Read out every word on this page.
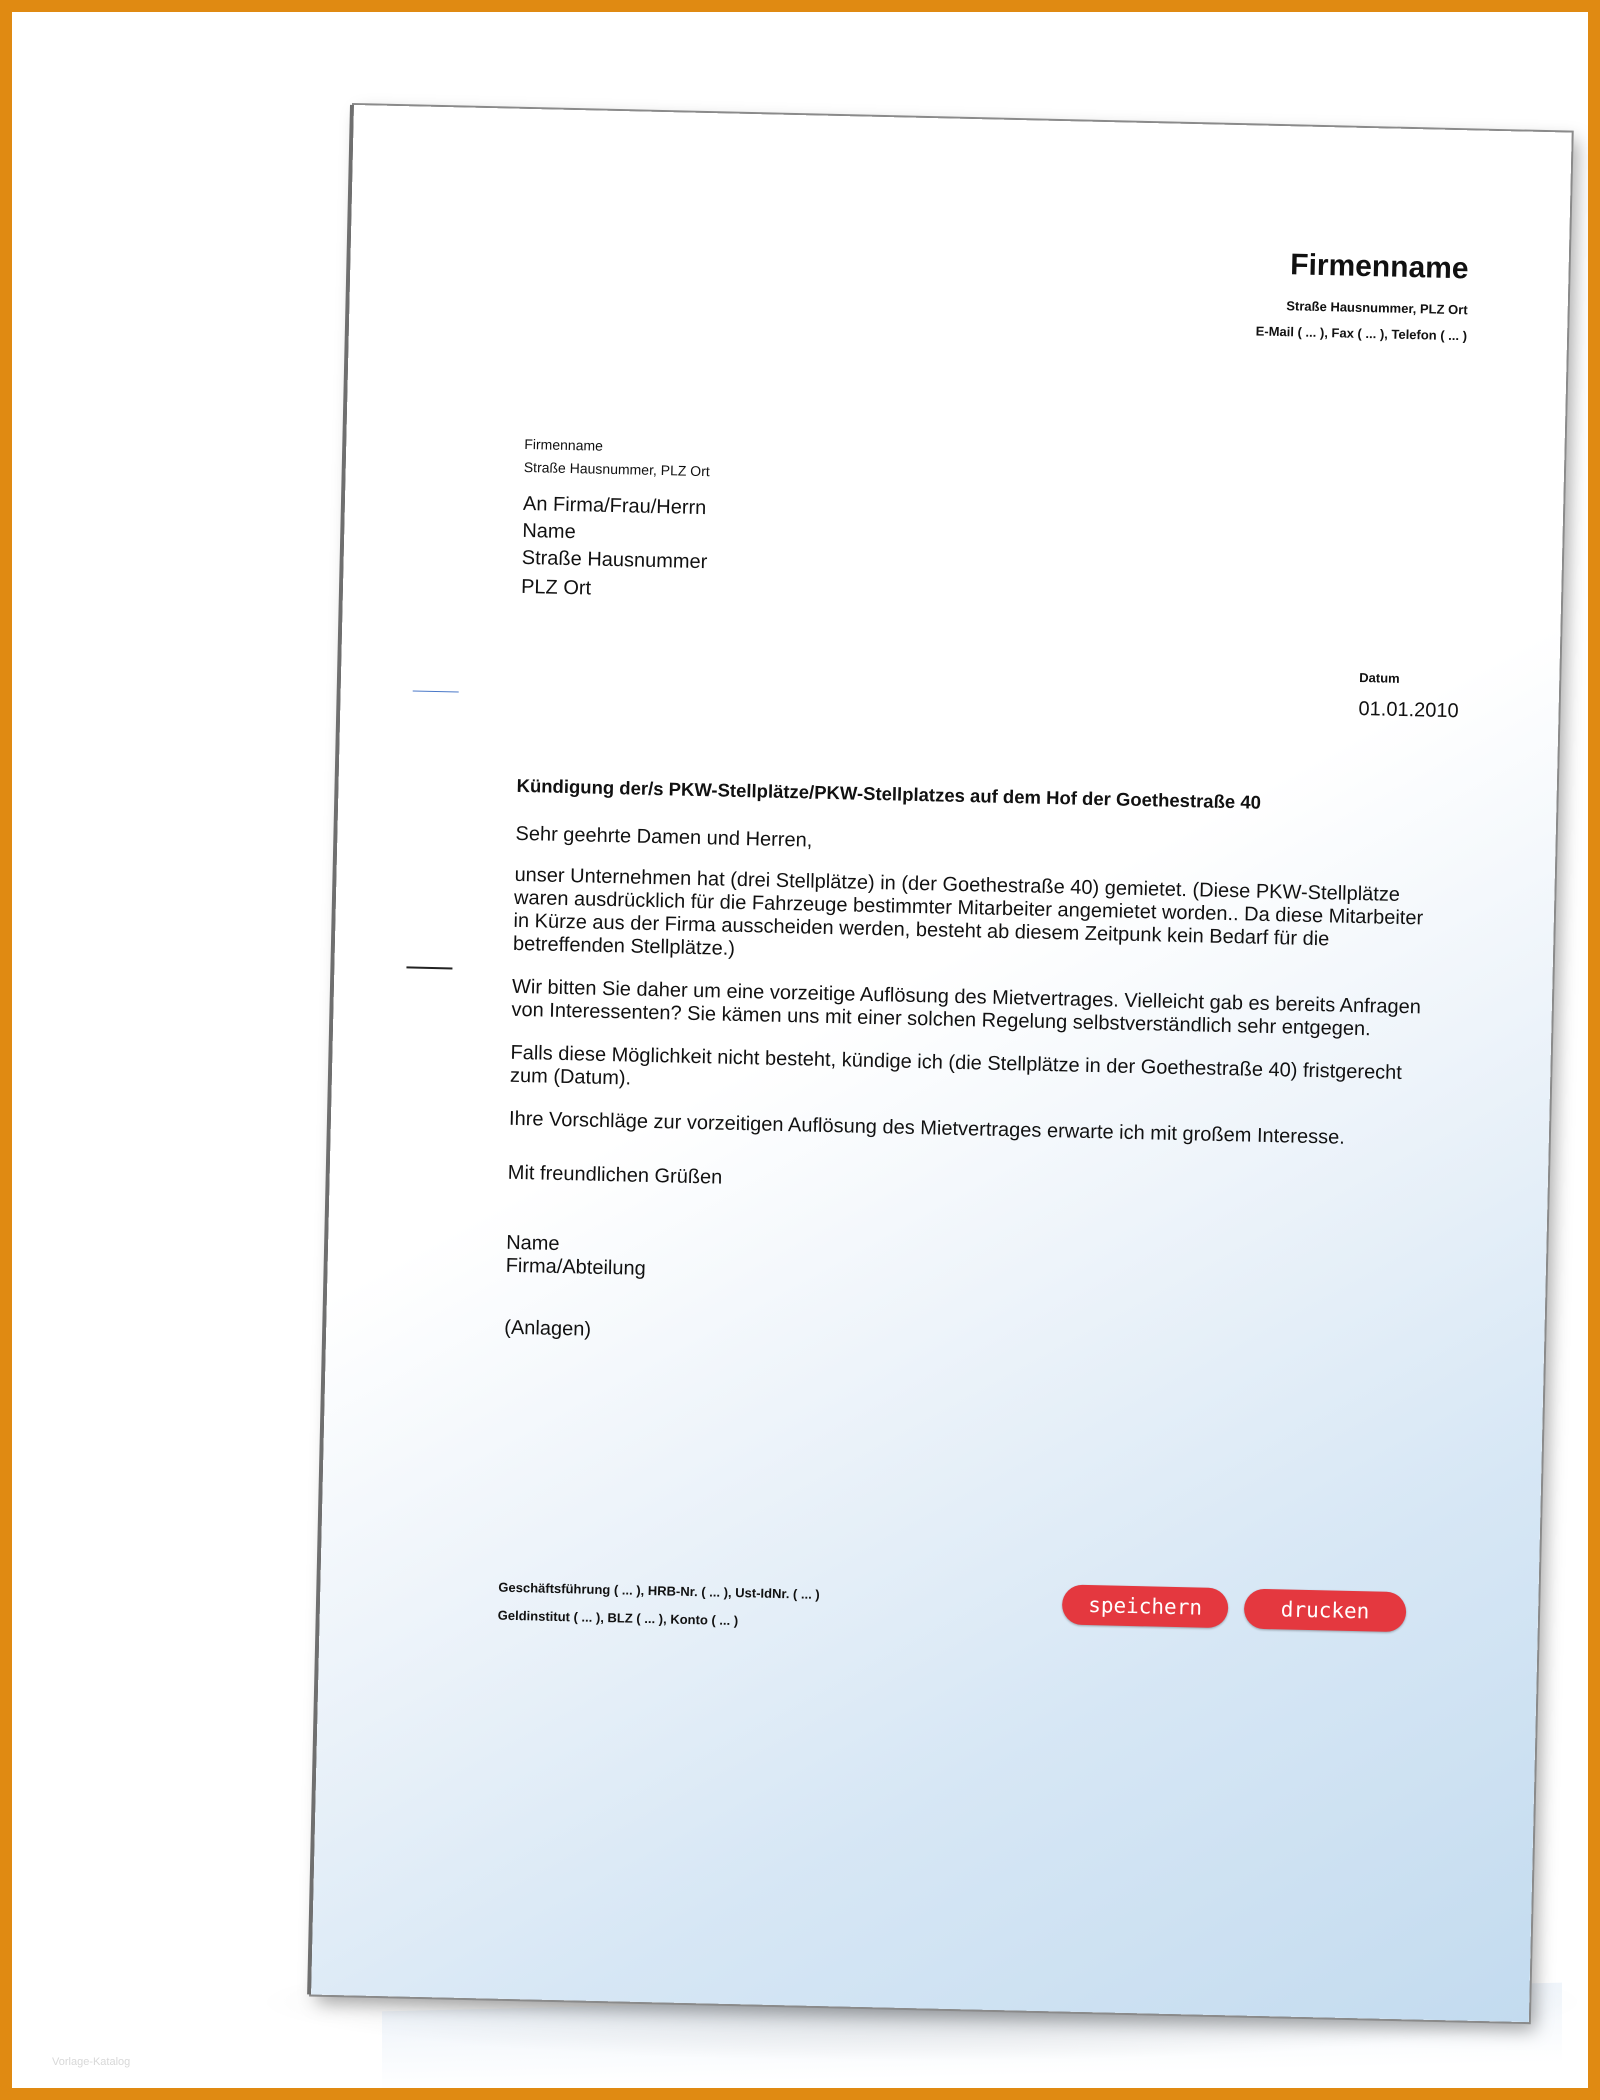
Firmenname
Straße Hausnummer, PLZ Ort
E-Mail ( ... ), Fax ( ... ), Telefon ( ... )
Firmenname
Straße Hausnummer, PLZ Ort
An Firma/Frau/Herrn
Name
Straße Hausnummer
PLZ Ort
Datum
01.01.2010
Kündigung der/s PKW-Stellplätze/PKW-Stellplatzes auf dem Hof der Goethestraße 40

Sehr geehrte Damen und Herren,

unser Unternehmen hat (drei Stellplätze) in (der Goethestraße 40) gemietet. (Diese PKW-Stellplätze waren ausdrücklich für die Fahrzeuge bestimmter Mitarbeiter angemietet worden.. Da diese Mitarbeiter in Kürze aus der Firma ausscheiden werden, besteht ab diesem Zeitpunk kein Bedarf für die betreffenden Stellplätze.)

Wir bitten Sie daher um eine vorzeitige Auflösung des Mietvertrages. Vielleicht gab es bereits Anfragen von Interessenten? Sie kämen uns mit einer solchen Regelung selbstverständlich sehr entgegen.

Falls diese Möglichkeit nicht besteht, kündige ich (die Stellplätze in der Goethestraße 40) fristgerecht zum (Datum).

Ihre Vorschläge zur vorzeitigen Auflösung des Mietvertrages erwarte ich mit großem Interesse.

Mit freundlichen Grüßen
Name
Firma/Abteilung
(Anlagen)
Geschäftsführung ( ... ), HRB-Nr. ( ... ), Ust-IdNr. ( ... )
Geldinstitut ( ... ), BLZ ( ... ), Konto ( ... )	speichern	drucken
Vorlage-Katalog
